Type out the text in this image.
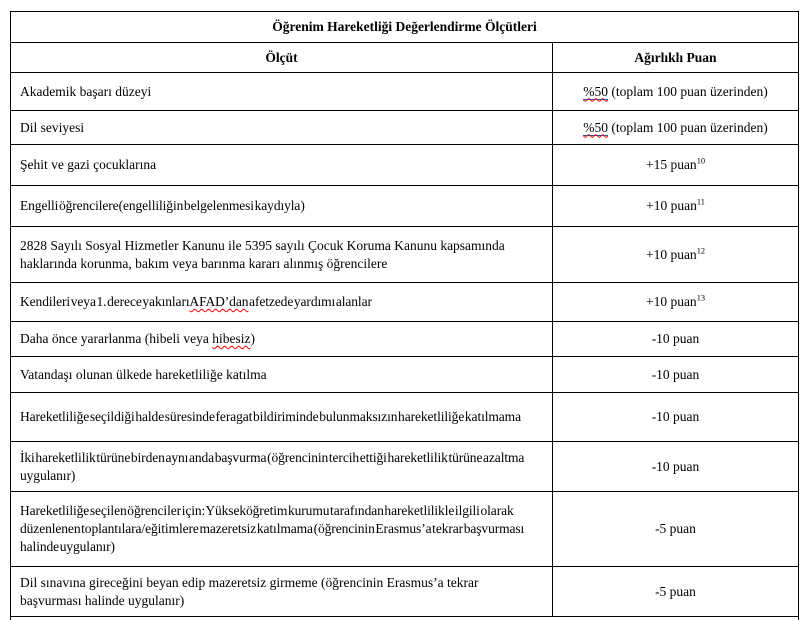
Öğrenim Hareketliği Değerlendirme Ölçütleri	
Ölçüt	Ağırlıklı Puan
Akademik başarı düzeyi	%50 (toplam 100 puan üzerinden)
Dil seviyesi	%50 (toplam 100 puan üzerinden)
Şehit ve gazi çocuklarına	+15 puan$^{10}$
Engelli öğrencilere(engelliliğin belgelenmesi kaydıyla)	+10 puan$^{11}$
2828 Sayılı Sosyal Hizmetler Kanunu ile 5395 sayılı Çocuk Koruma Kanunu kapsamında haklarında korunma, bakım veya barınma kararı alınmış öğrencilere	+10 puan$^{12}$
Kendileri veya 1. derece yakınları AFAD’dan afetzede yardımı alanlar	+10 puan$^{13}$
Daha önce yararlanma (hibeli veya hibesiz)	-10 puan
Vatandaşı olunan ülkede hareketliliğe katılma	-10 puan
Hareketliliğe seçildiği halde süresinde feragat bildiriminde bulunmaksızın hareketliliğe katılmama	-10 puan
İki hareketlilik türüne birden aynı anda başvurma (öğrencinin tercih ettiği hareketlilik türüne azaltma uygulanır)	-10 puan
Hareketliliğe seçilen öğrenciler için: Yükseköğretim kurumu tarafından hareketlilikle ilgili olarak düzenlenen toplantılara/eğitimlere mazeretsiz katılmama (öğrencinin Erasmus’a tekrar başvurması halinde uygulanır)	-5 puan
Dil sınavına gireceğini beyan edip mazeretsiz girmeme (öğrencinin Erasmus’a tekrar başvurması halinde uygulanır)	-5 puan
